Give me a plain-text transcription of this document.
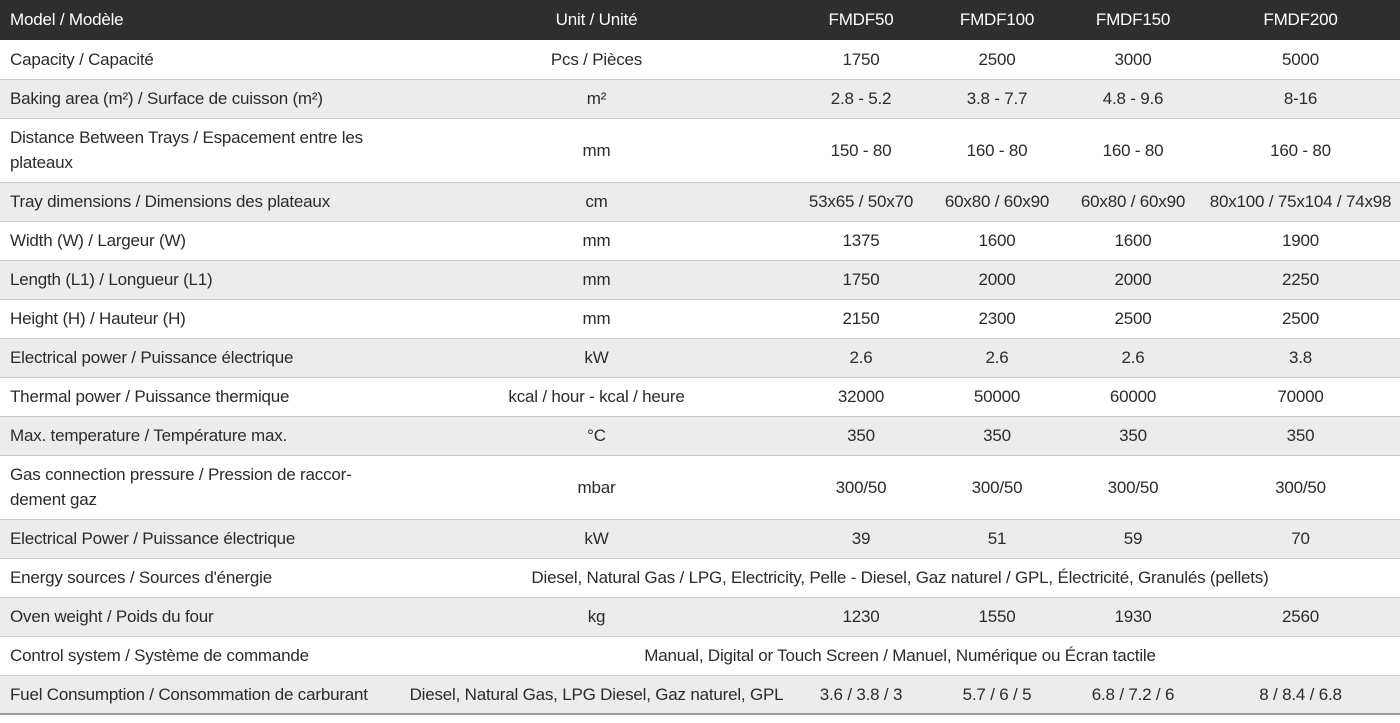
Model / Modèle	Unit / Unité	FMDF50	FMDF100	FMDF150	FMDF200
Capacity / Capacité	Pcs / Pièces	1750	2500	3000	5000
Baking area (m²) / Surface de cuisson (m²)	m²	2.8 - 5.2	3.8 - 7.7	4.8 - 9.6	8-16
Distance Between Trays / Espacement entre les plateaux	mm	150 - 80	160 - 80	160 - 80	160 - 80
Tray dimensions / Dimensions des plateaux	cm	53x65 / 50x70	60x80 / 60x90	60x80 / 60x90	80x100 / 75x104 / 74x98
Width (W) / Largeur (W)	mm	1375	1600	1600	1900
Length (L1) / Longueur (L1)	mm	1750	2000	2000	2250
Height (H) / Hauteur (H)	mm	2150	2300	2500	2500
Electrical power / Puissance électrique	kW	2.6	2.6	2.6	3.8
Thermal power / Puissance thermique	kcal / hour - kcal / heure	32000	50000	60000	70000
Max. temperature / Température max.	°C	350	350	350	350
Gas connection pressure / Pression de raccor-dement gaz	mbar	300/50	300/50	300/50	300/50
Electrical Power / Puissance électrique	kW	39	51	59	70
Energy sources / Sources d'énergie	Diesel, Natural Gas / LPG, Electricity, Pelle - Diesel, Gaz naturel / GPL, Électricité, Granulés (pellets)				
Oven weight / Poids du four	kg	1230	1550	1930	2560
Control system / Système de commande	Manual, Digital or Touch Screen / Manuel, Numérique ou Écran tactile				
Fuel Consumption / Consommation de carburant	Diesel, Natural Gas, LPG Diesel, Gaz naturel, GPL	3.6 / 3.8 / 3	5.7 / 6 / 5	6.8 / 7.2 / 6	8 / 8.4 / 6.8
